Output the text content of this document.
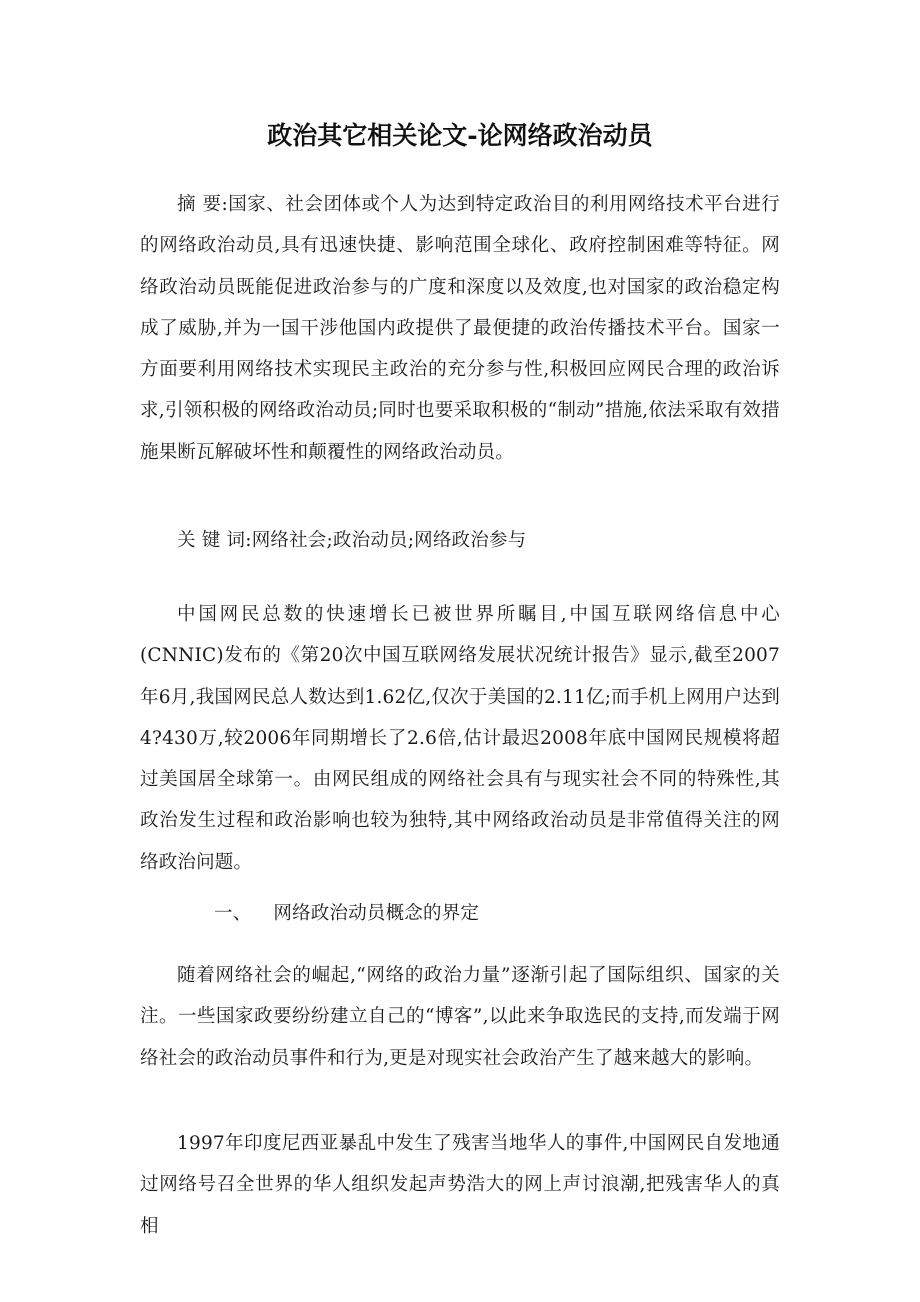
政治其它相关论文-论网络政治动员

摘 要:国家、社会团体或个人为达到特定政治目的利用网络技术平台进行的网络政治动员,具有迅速快捷、影响范围全球化、政府控制困难等特征。网络政治动员既能促进政治参与的广度和深度以及效度,也对国家的政治稳定构成了威胁,并为一国干涉他国内政提供了最便捷的政治传播技术平台。国家一方面要利用网络技术实现民主政治的充分参与性,积极回应网民合理的政治诉求,引领积极的网络政治动员;同时也要采取积极的“制动”措施,依法采取有效措施果断瓦解破坏性和颠覆性的网络政治动员。

关 键 词:网络社会;政治动员;网络政治参与

中国网民总数的快速增长已被世界所瞩目,中国互联网络信息中心(CNNIC)发布的《第20次中国互联网络发展状况统计报告》显示,截至2007年6月,我国网民总人数达到1.62亿,仅次于美国的2.11亿;而手机上网用户达到4?430万,较2006年同期增长了2.6倍,估计最迟2008年底中国网民规模将超过美国居全球第一。由网民组成的网络社会具有与现实社会不同的特殊性,其政治发生过程和政治影响也较为独特,其中网络政治动员是非常值得关注的网络政治问题。

一、 网络政治动员概念的界定

随着网络社会的崛起,“网络的政治力量”逐渐引起了国际组织、国家的关注。一些国家政要纷纷建立自己的“博客”,以此来争取选民的支持,而发端于网络社会的政治动员事件和行为,更是对现实社会政治产生了越来越大的影响。

1997年印度尼西亚暴乱中发生了残害当地华人的事件,中国网民自发地通过网络号召全世界的华人组织发起声势浩大的网上声讨浪潮,把残害华人的真相
